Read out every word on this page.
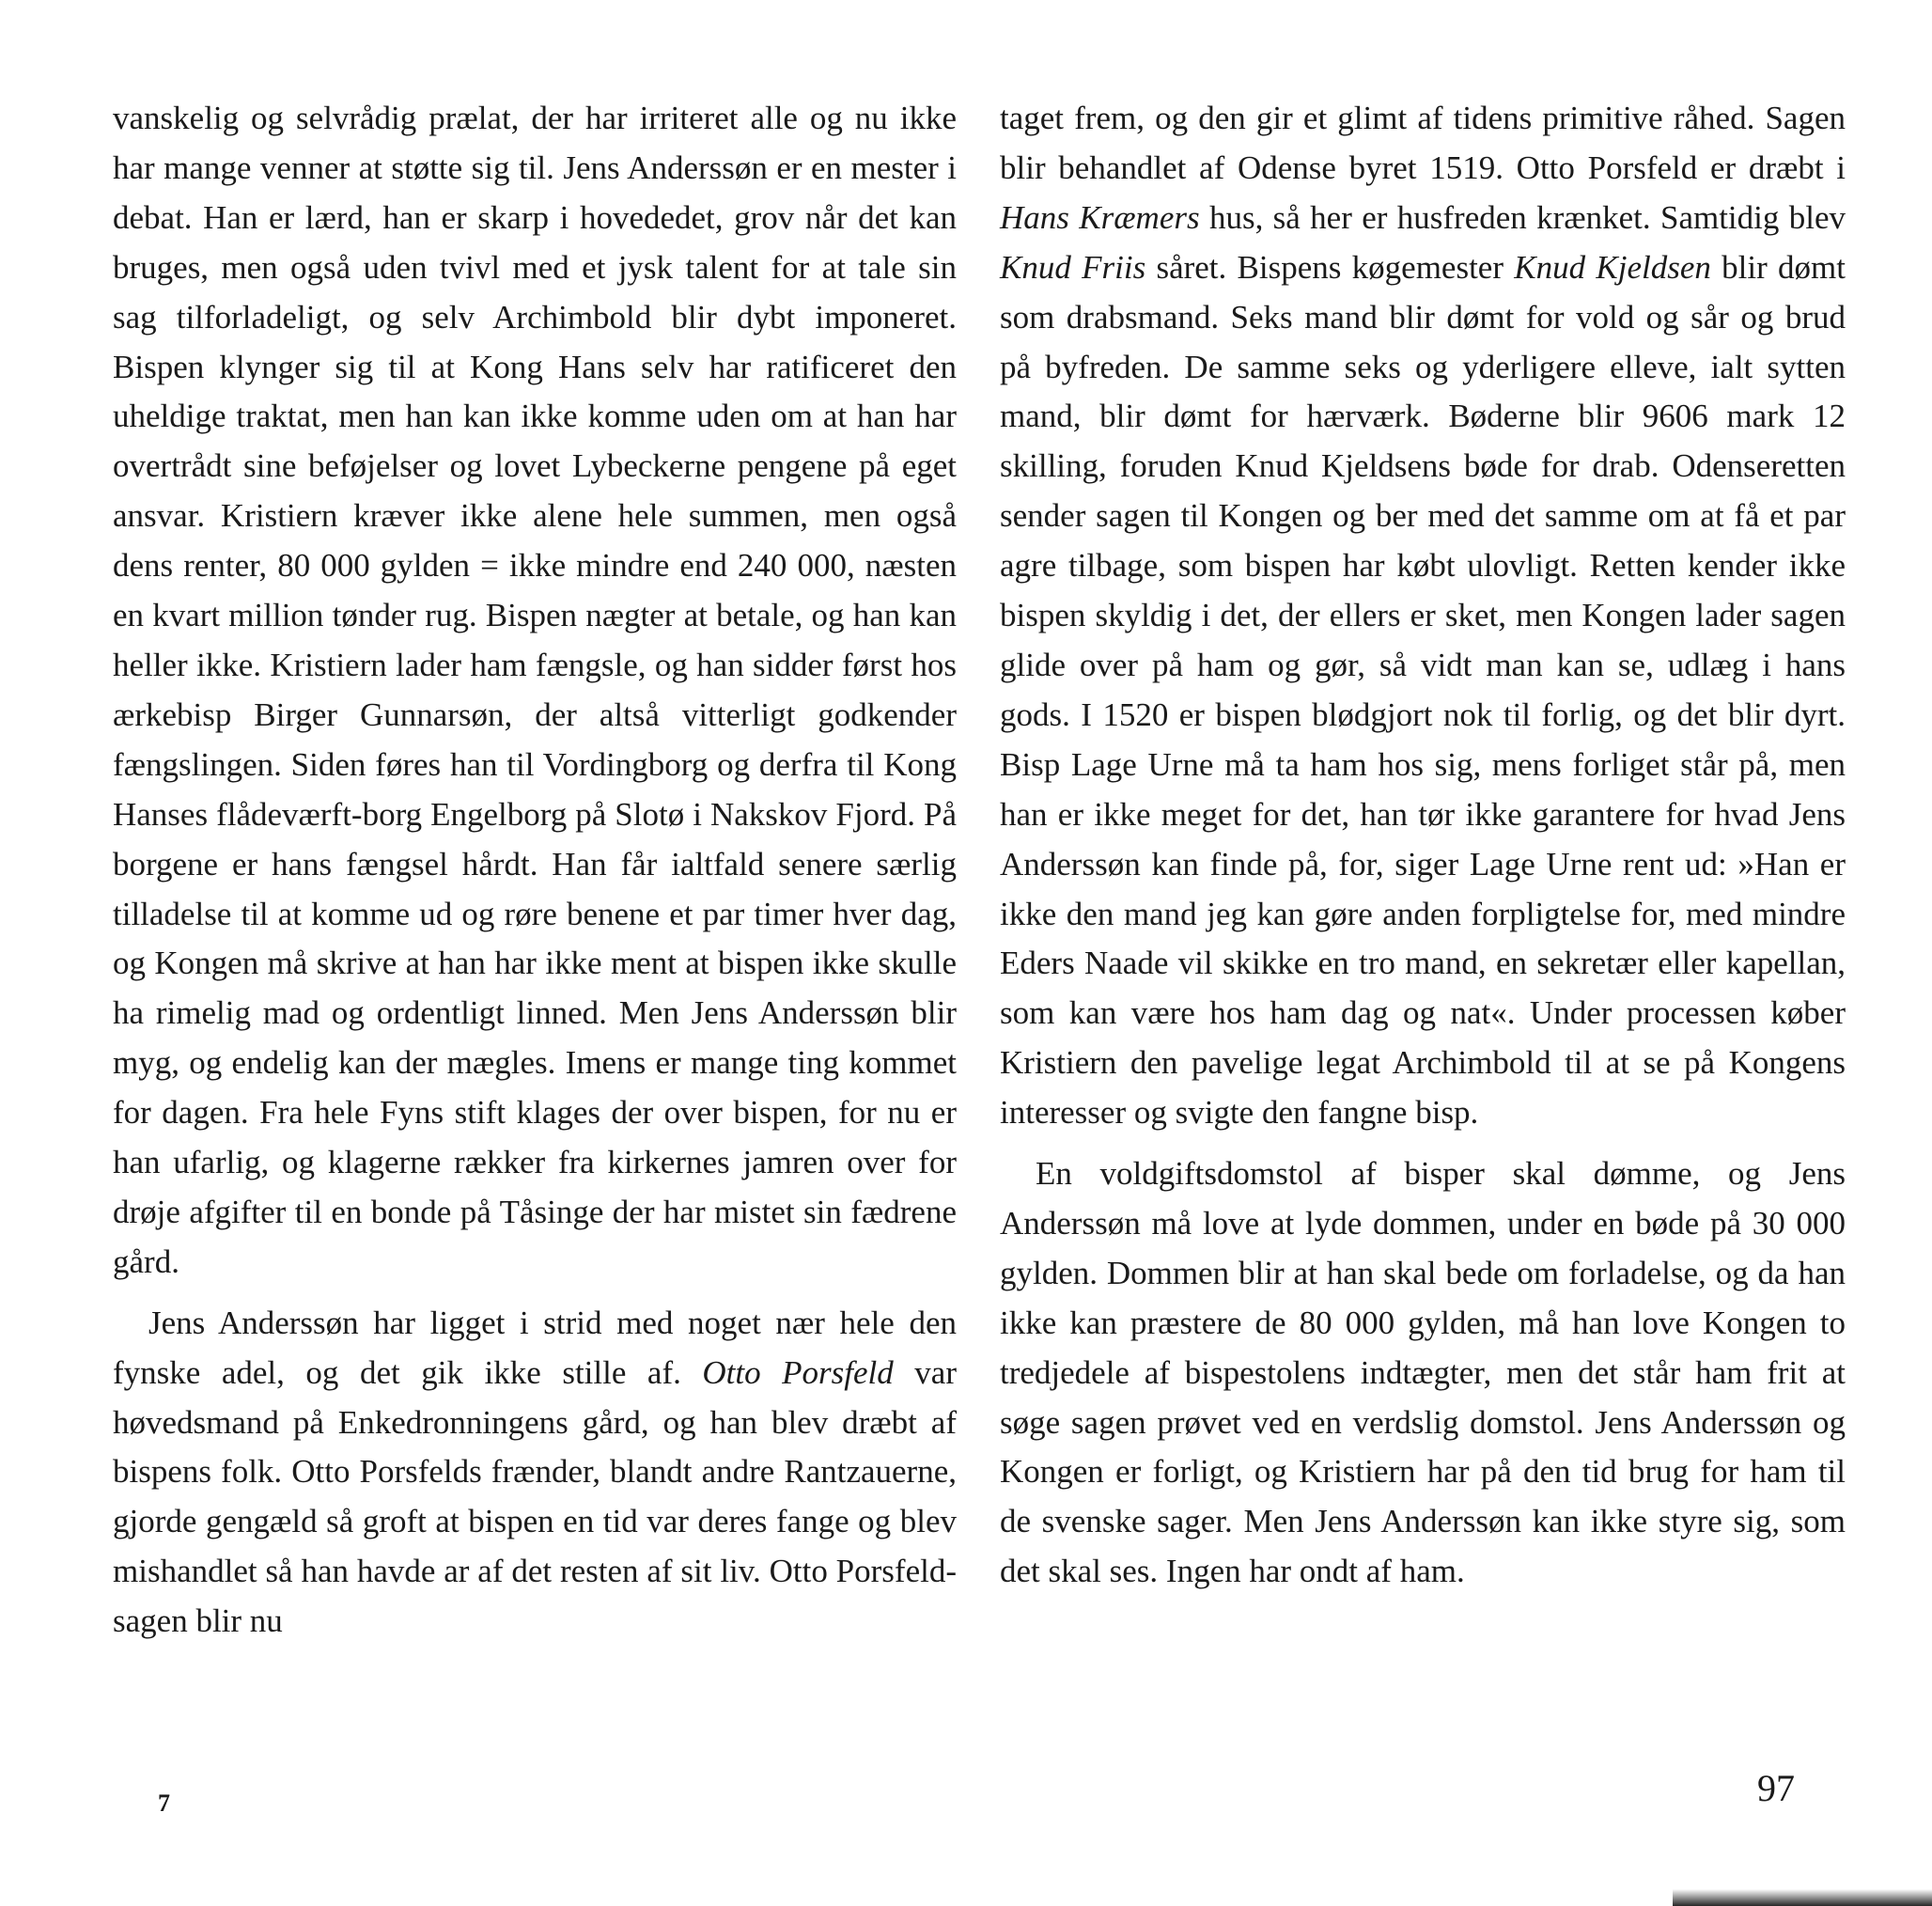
vanskelig og selvrådig prælat, der har irriteret alle og nu ikke har mange venner at støtte sig til. Jens Anderssøn er en mester i debat. Han er lærd, han er skarp i hovededet, grov når det kan bruges, men også uden tvivl med et jysk talent for at tale sin sag tilforladeligt, og selv Archimbold blir dybt imponeret. Bispen klynger sig til at Kong Hans selv har ratificeret den uheldige traktat, men han kan ikke komme uden om at han har overtrådt sine beføjelser og lovet Lybeckerne pengene på eget ansvar. Kristiern kræver ikke alene hele summen, men også dens renter, 80 000 gylden = ikke mindre end 240 000, næsten en kvart million tønder rug. Bispen nægter at betale, og han kan heller ikke. Kristiern lader ham fængsle, og han sidder først hos ærkebisp Birger Gunnarsøn, der altså vitterligt godkender fængslingen. Siden føres han til Vordingborg og derfra til Kong Hanses flådeværft-borg Engelborg på Slotø i Nakskov Fjord. På borgene er hans fængsel hårdt. Han får ialtfald senere særlig tilladelse til at komme ud og røre benene et par timer hver dag, og Kongen må skrive at han har ikke ment at bispen ikke skulle ha rimelig mad og ordentligt linned. Men Jens Anderssøn blir myg, og endelig kan der mægles. Imens er mange ting kommet for dagen. Fra hele Fyns stift klages der over bispen, for nu er han ufarlig, og klagerne rækker fra kirkernes jamren over for drøje afgifter til en bonde på Tåsinge der har mistet sin fædrene gård.

Jens Anderssøn har ligget i strid med noget nær hele den fynske adel, og det gik ikke stille af. Otto Porsfeld var høvedsmand på Enkedronningens gård, og han blev dræbt af bispens folk. Otto Porsfelds frænder, blandt andre Rantzauerne, gjorde gengæld så groft at bispen en tid var deres fange og blev mishandlet så han havde ar af det resten af sit liv. Otto Porsfeld-sagen blir nu

taget frem, og den gir et glimt af tidens primitive råhed. Sagen blir behandlet af Odense byret 1519. Otto Porsfeld er dræbt i Hans Kræmers hus, så her er husfreden krænket. Samtidig blev Knud Friis såret. Bispens køgemester Knud Kjeldsen blir dømt som drabsmand. Seks mand blir dømt for vold og sår og brud på byfreden. De samme seks og yderligere elleve, ialt sytten mand, blir dømt for hærværk. Bøderne blir 9606 mark 12 skilling, foruden Knud Kjeldsens bøde for drab. Odenseretten sender sagen til Kongen og ber med det samme om at få et par agre tilbage, som bispen har købt ulovligt. Retten kender ikke bispen skyldig i det, der ellers er sket, men Kongen lader sagen glide over på ham og gør, så vidt man kan se, udlæg i hans gods. I 1520 er bispen blødgjort nok til forlig, og det blir dyrt. Bisp Lage Urne må ta ham hos sig, mens forliget står på, men han er ikke meget for det, han tør ikke garantere for hvad Jens Anderssøn kan finde på, for, siger Lage Urne rent ud: »Han er ikke den mand jeg kan gøre anden forpligtelse for, med mindre Eders Naade vil skikke en tro mand, en sekretær eller kapellan, som kan være hos ham dag og nat«. Under processen køber Kristiern den pavelige legat Archimbold til at se på Kongens interesser og svigte den fangne bisp.

En voldgiftsdomstol af bisper skal dømme, og Jens Anderssøn må love at lyde dommen, under en bøde på 30 000 gylden. Dommen blir at han skal bede om forladelse, og da han ikke kan præstere de 80 000 gylden, må han love Kongen to tredjedele af bispestolens indtægter, men det står ham frit at søge sagen prøvet ved en verdslig domstol. Jens Anderssøn og Kongen er forligt, og Kristiern har på den tid brug for ham til de svenske sager. Men Jens Anderssøn kan ikke styre sig, som det skal ses. Ingen har ondt af ham.

7	97
